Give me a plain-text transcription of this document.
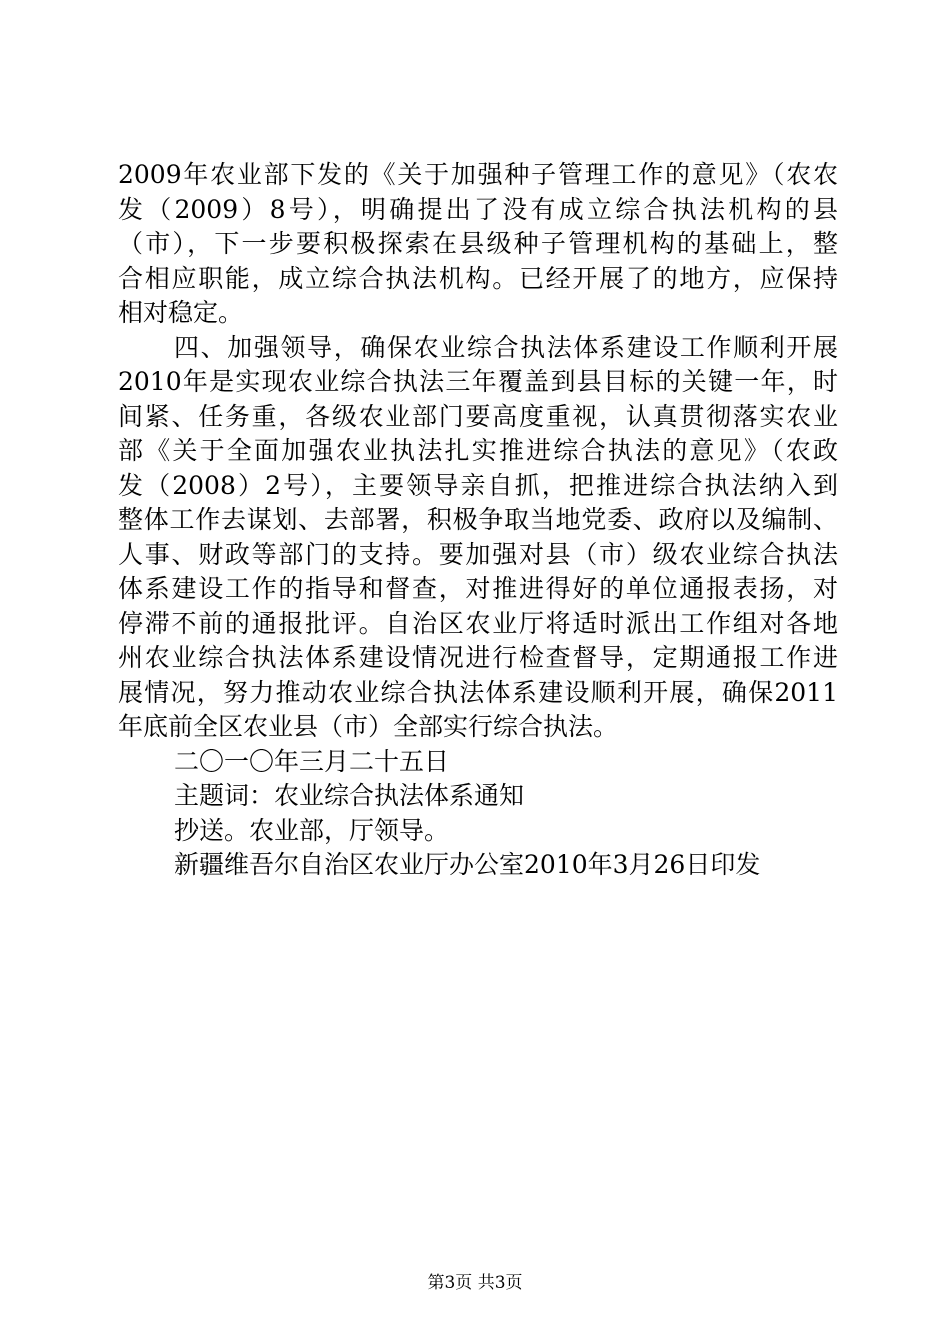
2009年农业部下发的《关于加强种子管理工作的意见》（农农
发（2009）8号），明确提出了没有成立综合执法机构的县
（市），下一步要积极探索在县级种子管理机构的基础上，整
合相应职能，成立综合执法机构。已经开展了的地方，应保持
相对稳定。
四、加强领导，确保农业综合执法体系建设工作顺利开展
2010年是实现农业综合执法三年覆盖到县目标的关键一年，时
间紧、任务重，各级农业部门要高度重视，认真贯彻落实农业
部《关于全面加强农业执法扎实推进综合执法的意见》（农政
发（2008）2号），主要领导亲自抓，把推进综合执法纳入到
整体工作去谋划、去部署，积极争取当地党委、政府以及编制、
人事、财政等部门的支持。要加强对县（市）级农业综合执法
体系建设工作的指导和督查，对推进得好的单位通报表扬，对
停滞不前的通报批评。自治区农业厅将适时派出工作组对各地
州农业综合执法体系建设情况进行检查督导，定期通报工作进
展情况，努力推动农业综合执法体系建设顺利开展，确保2011
年底前全区农业县（市）全部实行综合执法。
二〇一〇年三月二十五日
主题词：农业综合执法体系通知
抄送。农业部，厅领导。
新疆维吾尔自治区农业厅办公室2010年3月26日印发
第3页 共3页
